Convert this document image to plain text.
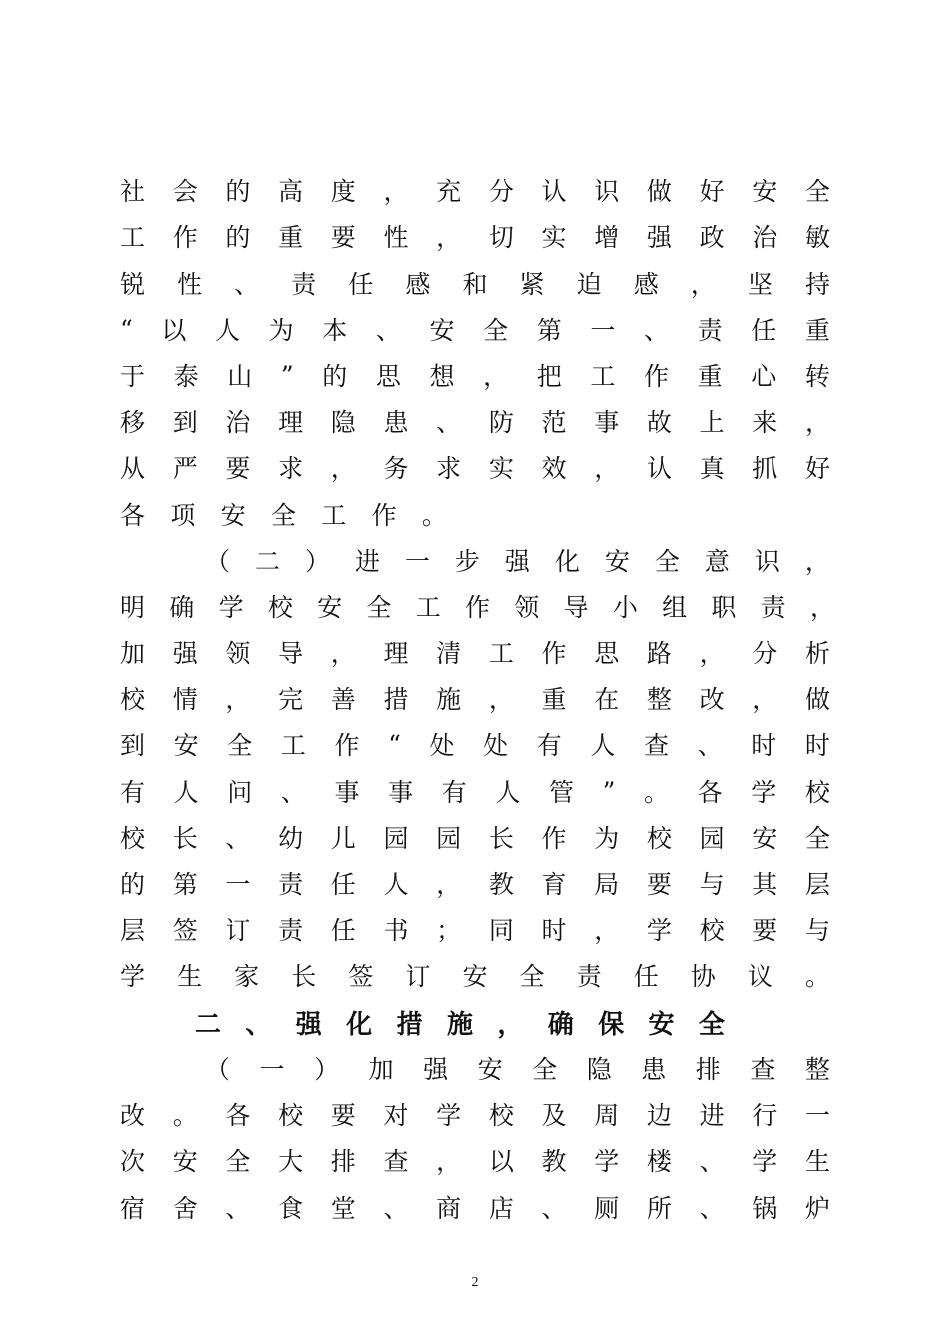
社 会 的 高 度 ， 充 分 认 识 做 好 安 全
工 作 的 重 要 性 ， 切 实 增 强 政 治 敏
锐 性 、 责 任 感 和 紧 迫 感 ， 坚 持
“ 以 人 为 本 、 安 全 第 一 、 责 任 重
于 泰 山 ” 的 思 想 ， 把 工 作 重 心 转
移 到 治 理 隐 患 、 防 范 事 故 上 来 ，
从 严 要 求 ， 务 求 实 效 ， 认 真 抓 好
各 项 安 全 工 作 。
（ 二 ） 进 一 步 强 化 安 全 意 识 ，
明 确 学 校 安 全 工 作 领 导 小 组 职 责 ，
加 强 领 导 ， 理 清 工 作 思 路 ， 分 析
校 情 ， 完 善 措 施 ， 重 在 整 改 ， 做
到 安 全 工 作 “ 处 处 有 人 查 、 时 时
有 人 问 、 事 事 有 人 管 ” 。 各 学 校
校 长 、 幼 儿 园 园 长 作 为 校 园 安 全
的 第 一 责 任 人 ， 教 育 局 要 与 其 层
层 签 订 责 任 书 ； 同 时 ， 学 校 要 与
学 生 家 长 签 订 安 全 责 任 协 议 。
二 、 强 化 措 施 ， 确 保 安 全
（ 一 ） 加 强 安 全 隐 患 排 查 整
改 。 各 校 要 对 学 校 及 周 边 进 行 一
次 安 全 大 排 查 ， 以 教 学 楼 、 学 生
宿 舍 、 食 堂 、 商 店 、 厕 所 、 锅 炉
2
